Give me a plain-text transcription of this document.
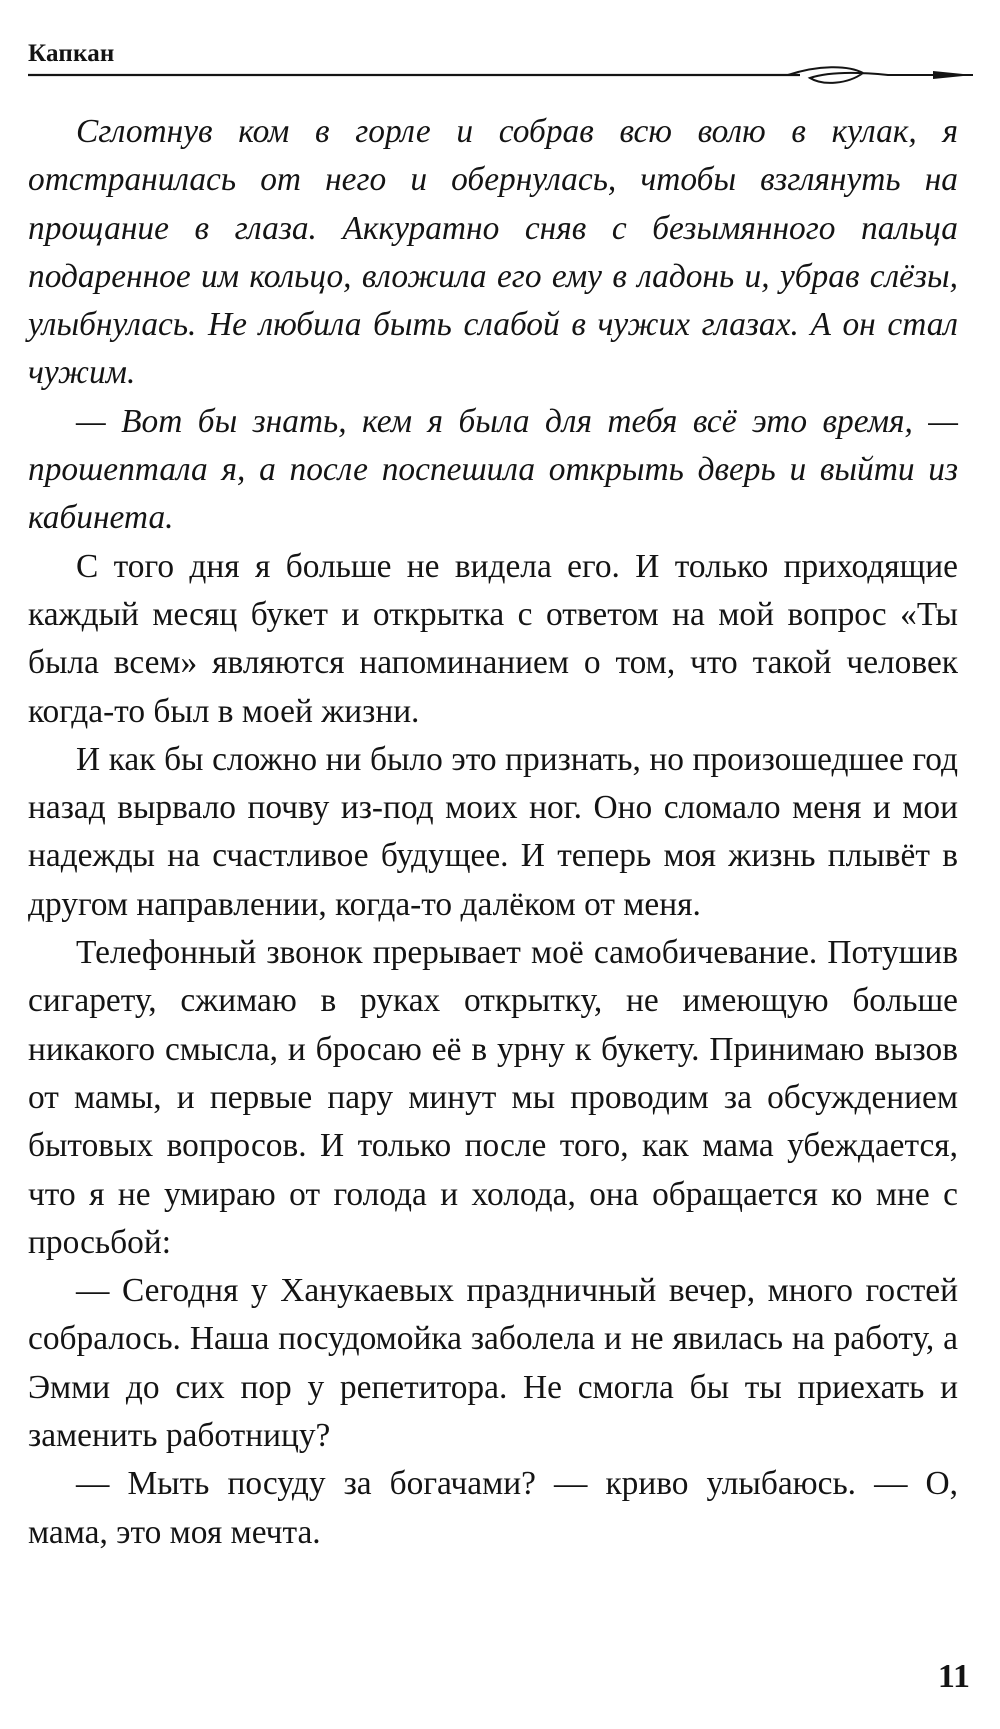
Капкан

Сглотнув ком в горле и собрав всю волю в кулак, я отстранилась от него и обернулась, чтобы взглянуть на прощание в глаза. Аккуратно сняв с безымянного пальца подаренное им кольцо, вложила его ему в ладонь и, убрав слёзы, улыбнулась. Не любила быть слабой в чужих глазах. А он стал чужим.

— Вот бы знать, кем я была для тебя всё это время, — прошептала я, а после поспешила открыть дверь и выйти из кабинета.

С того дня я больше не видела его. И только приходящие каждый месяц букет и открытка с ответом на мой вопрос «Ты была всем» являются напоминанием о том, что такой человек когда-то был в моей жизни.

И как бы сложно ни было это признать, но произошедшее год назад вырвало почву из-под моих ног. Оно сломало меня и мои надежды на счастливое будущее. И теперь моя жизнь плывёт в другом направлении, когда-то далёком от меня.

Телефонный звонок прерывает моё самобичевание. Потушив сигарету, сжимаю в руках открытку, не имеющую больше никакого смысла, и бросаю её в урну к букету. Принимаю вызов от мамы, и первые пару минут мы проводим за обсуждением бытовых вопросов. И только после того, как мама убеждается, что я не умираю от голода и холода, она обращается ко мне с просьбой:

— Сегодня у Ханукаевых праздничный вечер, много гостей собралось. Наша посудомойка заболела и не явилась на работу, а Эмми до сих пор у репетитора. Не смогла бы ты приехать и заменить работницу?

— Мыть посуду за богачами? — криво улыбаюсь. — О, мама, это моя мечта.

11
